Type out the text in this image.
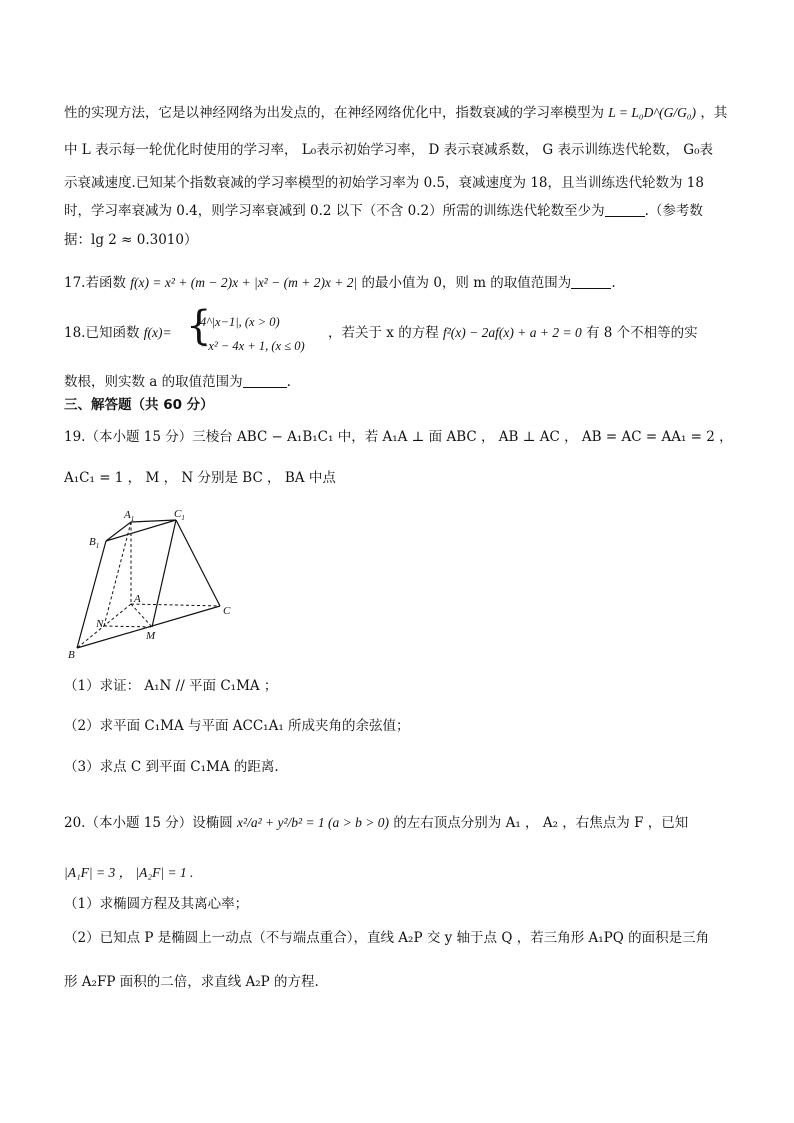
性的实现方法，它是以神经网络为出发点的，在神经网络优化中，指数衰减的学习率模型为 L = L₀D^(G/G₀) ，其
中 L 表示每一轮优化时使用的学习率， L₀表示初始学习率， D 表示衰减系数， G 表示训练迭代轮数， G₀表
示衰减速度.已知某个指数衰减的学习率模型的初始学习率为 0.5，衰减速度为 18，且当训练迭代轮数为 18
时，学习率衰减为 0.4，则学习率衰减到 0.2 以下（不含 0.2）所需的训练迭代轮数至少为	.（参考数
据：lg 2 ≈ 0.3010）
17.若函数 f(x) = x² + (m − 2)x + |x² − (m + 2)x + 2| 的最小值为 0，则 m 的取值范围为	.
18.已知函数 f(x)= {
4^|x−1|, (x > 0)
−x² − 4x + 1, (x ≤ 0)
，若关于 x 的方程 f²(x) − 2af(x) + a + 2 = 0 有 8 个不相等的实
数根，则实数 a 的取值范围为	.
三、解答题（共 60 分）
19.（本小题 15 分）三棱台 ABC − A₁B₁C₁ 中，若 A₁A ⊥ 面 ABC ， AB ⊥ AC ， AB = AC = AA₁ = 2 ，
A₁C₁ = 1 ， M ， N 分别是 BC ， BA 中点
$A_1$	$C_1$
$B_1$
A
C
N
M
B
（1）求证： A₁N // 平面 C₁MA ；
（2）求平面 C₁MA 与平面 ACC₁A₁ 所成夹角的余弦值；
（3）求点 C 到平面 C₁MA 的距离.
20.（本小题 15 分）设椭圆 x²/a² + y²/b² = 1 (a > b > 0) 的左右顶点分别为 A₁ ， A₂ ，右焦点为 F ，已知
|A₁F| = 3 ， |A₂F| = 1 .
（1）求椭圆方程及其离心率；
（2）已知点 P 是椭圆上一动点（不与端点重合），直线 A₂P 交 y 轴于点 Q ，若三角形 A₁PQ 的面积是三角
形 A₂FP 面积的二倍，求直线 A₂P 的方程.
